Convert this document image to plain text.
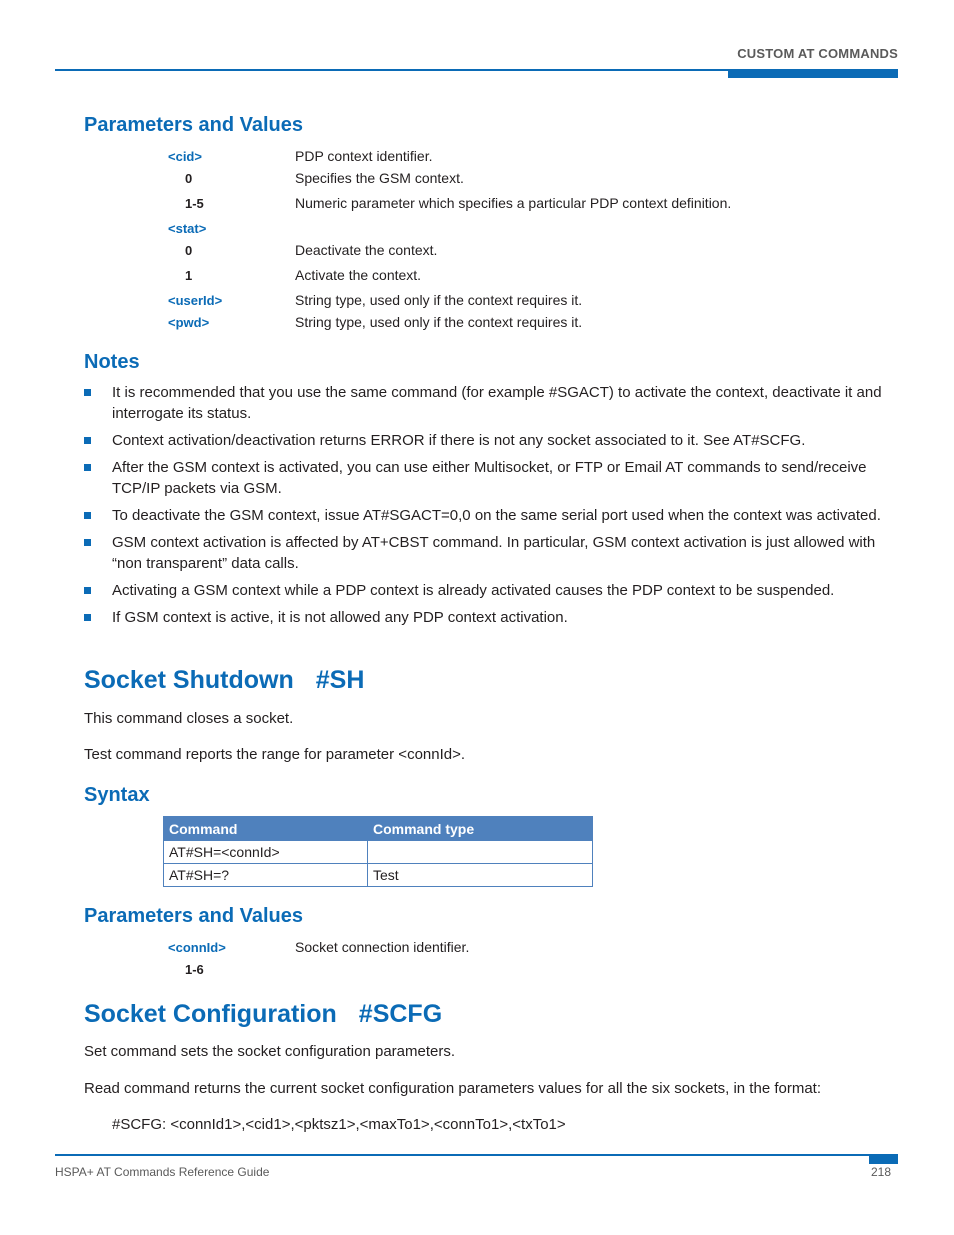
CUSTOM AT COMMANDS
Parameters and Values
<cid>	PDP context identifier.
0	Specifies the GSM context.
1-5	Numeric parameter which specifies a particular PDP context definition.
<stat>
0	Deactivate the context.
1	Activate the context.
<userId>	String type, used only if the context requires it.
<pwd>	String type, used only if the context requires it.
Notes
It is recommended that you use the same command (for example #SGACT) to activate the context, deactivate it and interrogate its status.
Context activation/deactivation returns ERROR if there is not any socket associated to it. See AT#SCFG.
After the GSM context is activated, you can use either Multisocket, or FTP or Email AT commands to send/receive TCP/IP packets via GSM.
To deactivate the GSM context, issue AT#SGACT=0,0 on the same serial port used when the context was activated.
GSM context activation is affected by AT+CBST command. In particular, GSM context activation is just allowed with “non transparent” data calls.
Activating a GSM context while a PDP context is already activated causes the PDP context to be suspended.
If GSM context is active, it is not allowed any PDP context activation.
Socket Shutdown #SH
This command closes a socket.
Test command reports the range for parameter <connId>.
Syntax
Command	Command type
AT#SH=<connId>	
AT#SH=?	Test
Parameters and Values
<connId>	Socket connection identifier.
1-6
Socket Configuration #SCFG
Set command sets the socket configuration parameters.
Read command returns the current socket configuration parameters values for all the six sockets, in the format:
#SCFG: <connId1>,<cid1>,<pktsz1>,<maxTo1>,<connTo1>,<txTo1>
HSPA+ AT Commands Reference Guide	218
